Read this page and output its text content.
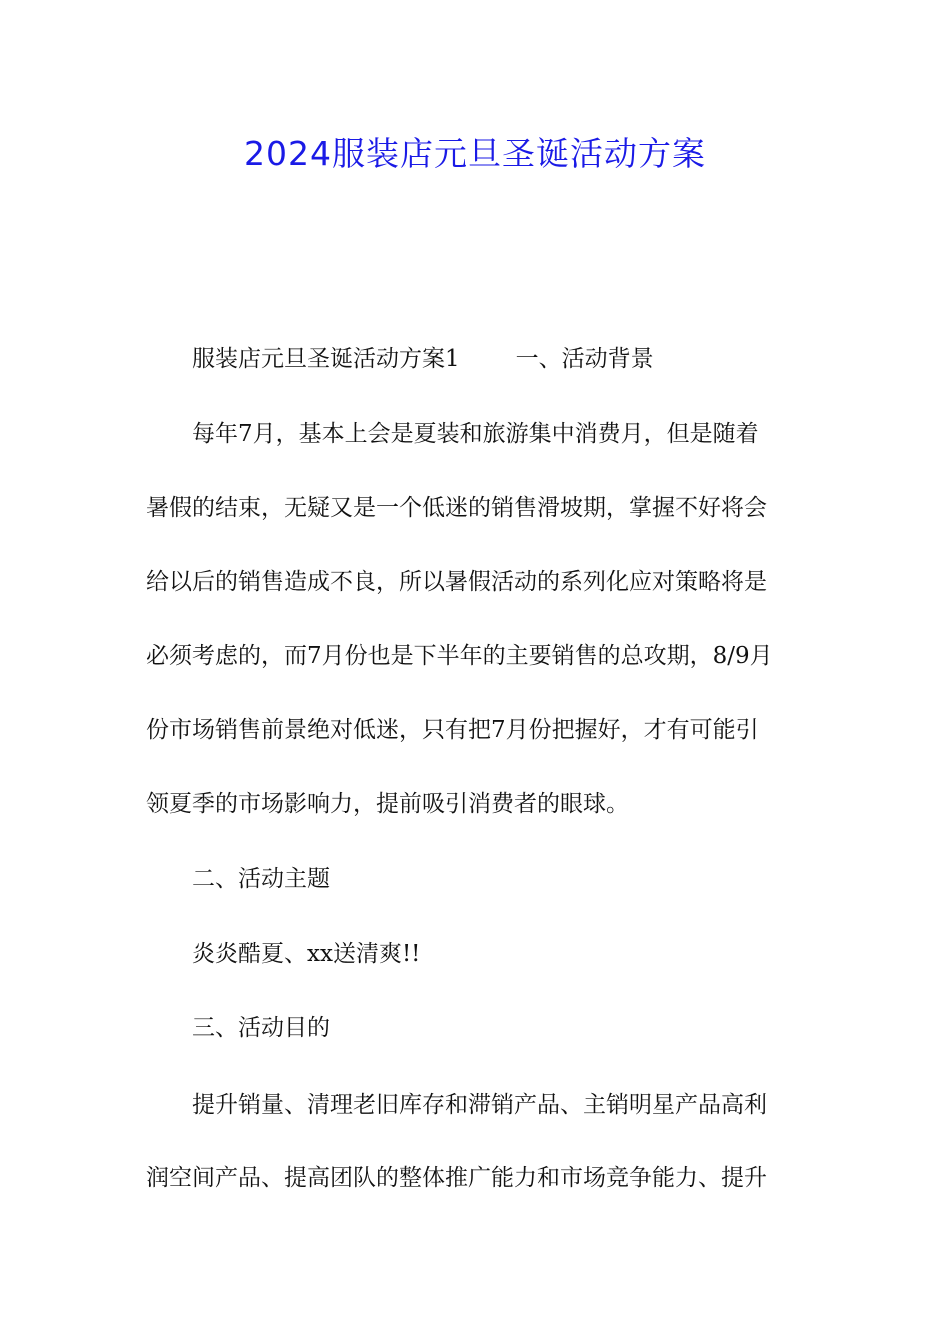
2024服装店元旦圣诞活动方案
服装店元旦圣诞活动方案1 一、活动背景
每年7月，基本上会是夏装和旅游集中消费月，但是随着
暑假的结束，无疑又是一个低迷的销售滑坡期，掌握不好将会
给以后的销售造成不良，所以暑假活动的系列化应对策略将是
必须考虑的，而7月份也是下半年的主要销售的总攻期，8/9月
份市场销售前景绝对低迷，只有把7月份把握好，才有可能引
领夏季的市场影响力，提前吸引消费者的眼球。
二、活动主题
炎炎酷夏、xx送清爽!!
三、活动目的
提升销量、清理老旧库存和滞销产品、主销明星产品高利
润空间产品、提高团队的整体推广能力和市场竞争能力、提升
